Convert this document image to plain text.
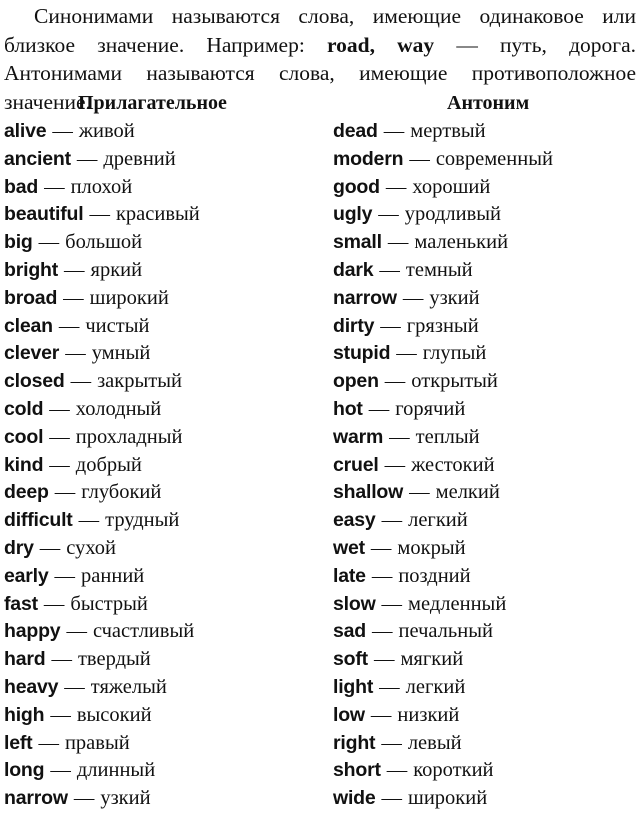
Синонимами называются слова, имеющие одинаковое или близкое значение. Например: road, way — путь, дорога. Антонимами называются слова, имеющие противоположное значение.

Прилагательное	Антоним
alive — живой
ancient — древний
bad — плохой
beautiful — красивый
big — большой
bright — яркий
broad — широкий
clean — чистый
clever — умный
closed — закрытый
cold — холодный
cool — прохладный
kind — добрый
deep — глубокий
difficult — трудный
dry — сухой
early — ранний
fast — быстрый
happy — счастливый
hard — твердый
heavy — тяжелый
high — высокий
left — правый
long — длинный
narrow — узкий
dead — мертвый
modern — современный
good — хороший
ugly — уродливый
small — маленький
dark — темный
narrow — узкий
dirty — грязный
stupid — глупый
open — открытый
hot — горячий
warm — теплый
cruel — жестокий
shallow — мелкий
easy — легкий
wet — мокрый
late — поздний
slow — медленный
sad — печальный
soft — мягкий
light — легкий
low — низкий
right — левый
short — короткий
wide — широкий
